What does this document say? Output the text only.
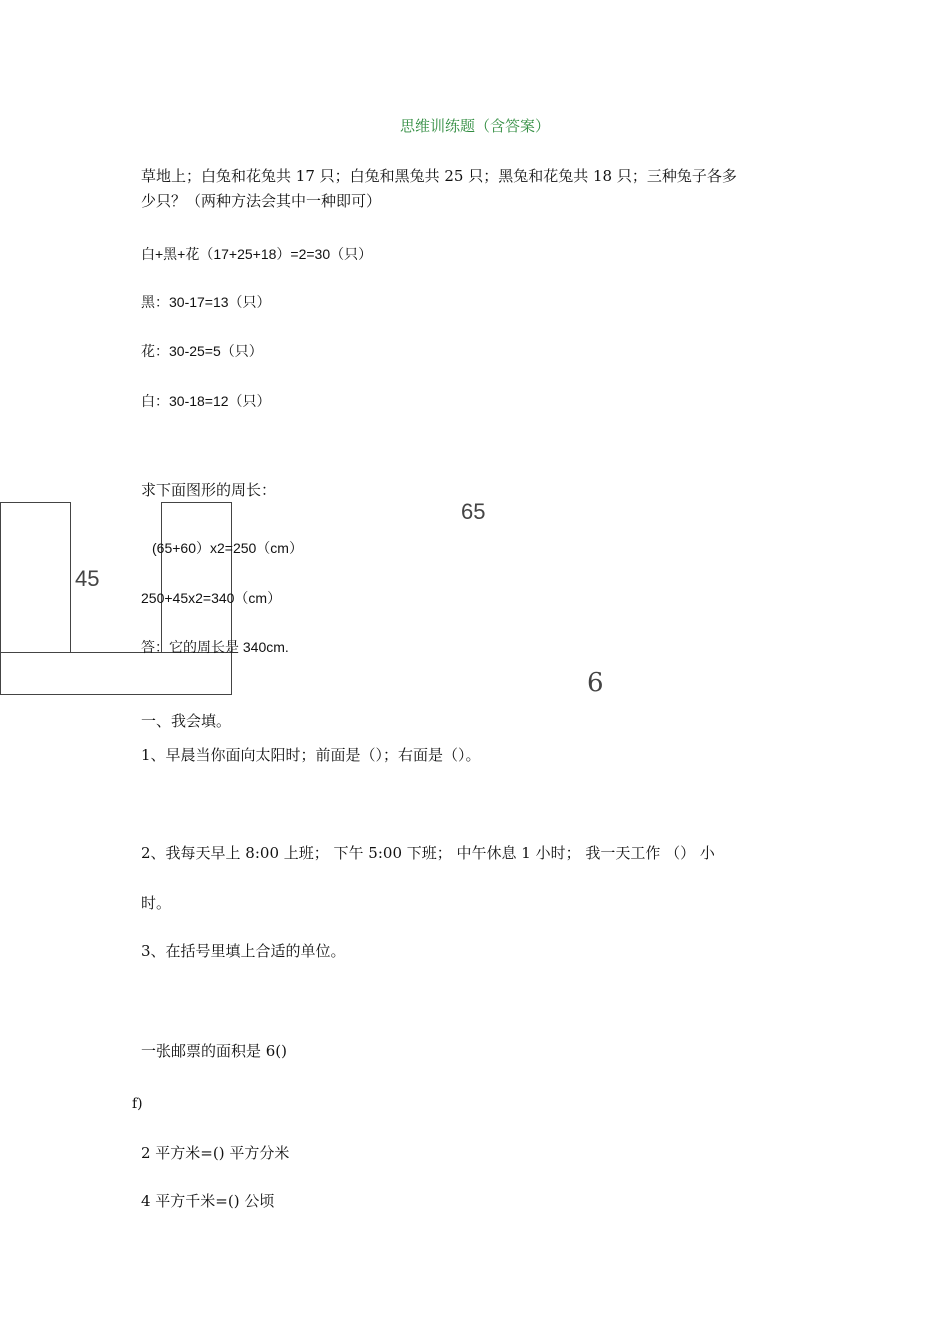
思维训练题（含答案）
草地上；白兔和花兔共 17 只；白兔和黑兔共 25 只；黑兔和花兔共 18 只；三种兔子各多
少只？（两种方法会其中一种即可）
白+黑+花（17+25+18）=2=30（只）
黑：30-17=13（只）
花：30-25=5（只）
白：30-18=12（只）
求下面图形的周长：
65
45
6
(65+60）x2=250（cm）
250+45x2=340（cm）
答：它的周长是 340cm.
一、我会填。
1、早晨当你面向太阳时；前面是（）；右面是（）。
2、我每天早上 8:00 上班； 下午 5:00 下班； 中午休息 1 小时； 我一天工作 （） 小
时。
3、在括号里填上合适的单位。
一张邮票的面积是 6()
f)
2 平方米=() 平方分米
4 平方千米=() 公顷
